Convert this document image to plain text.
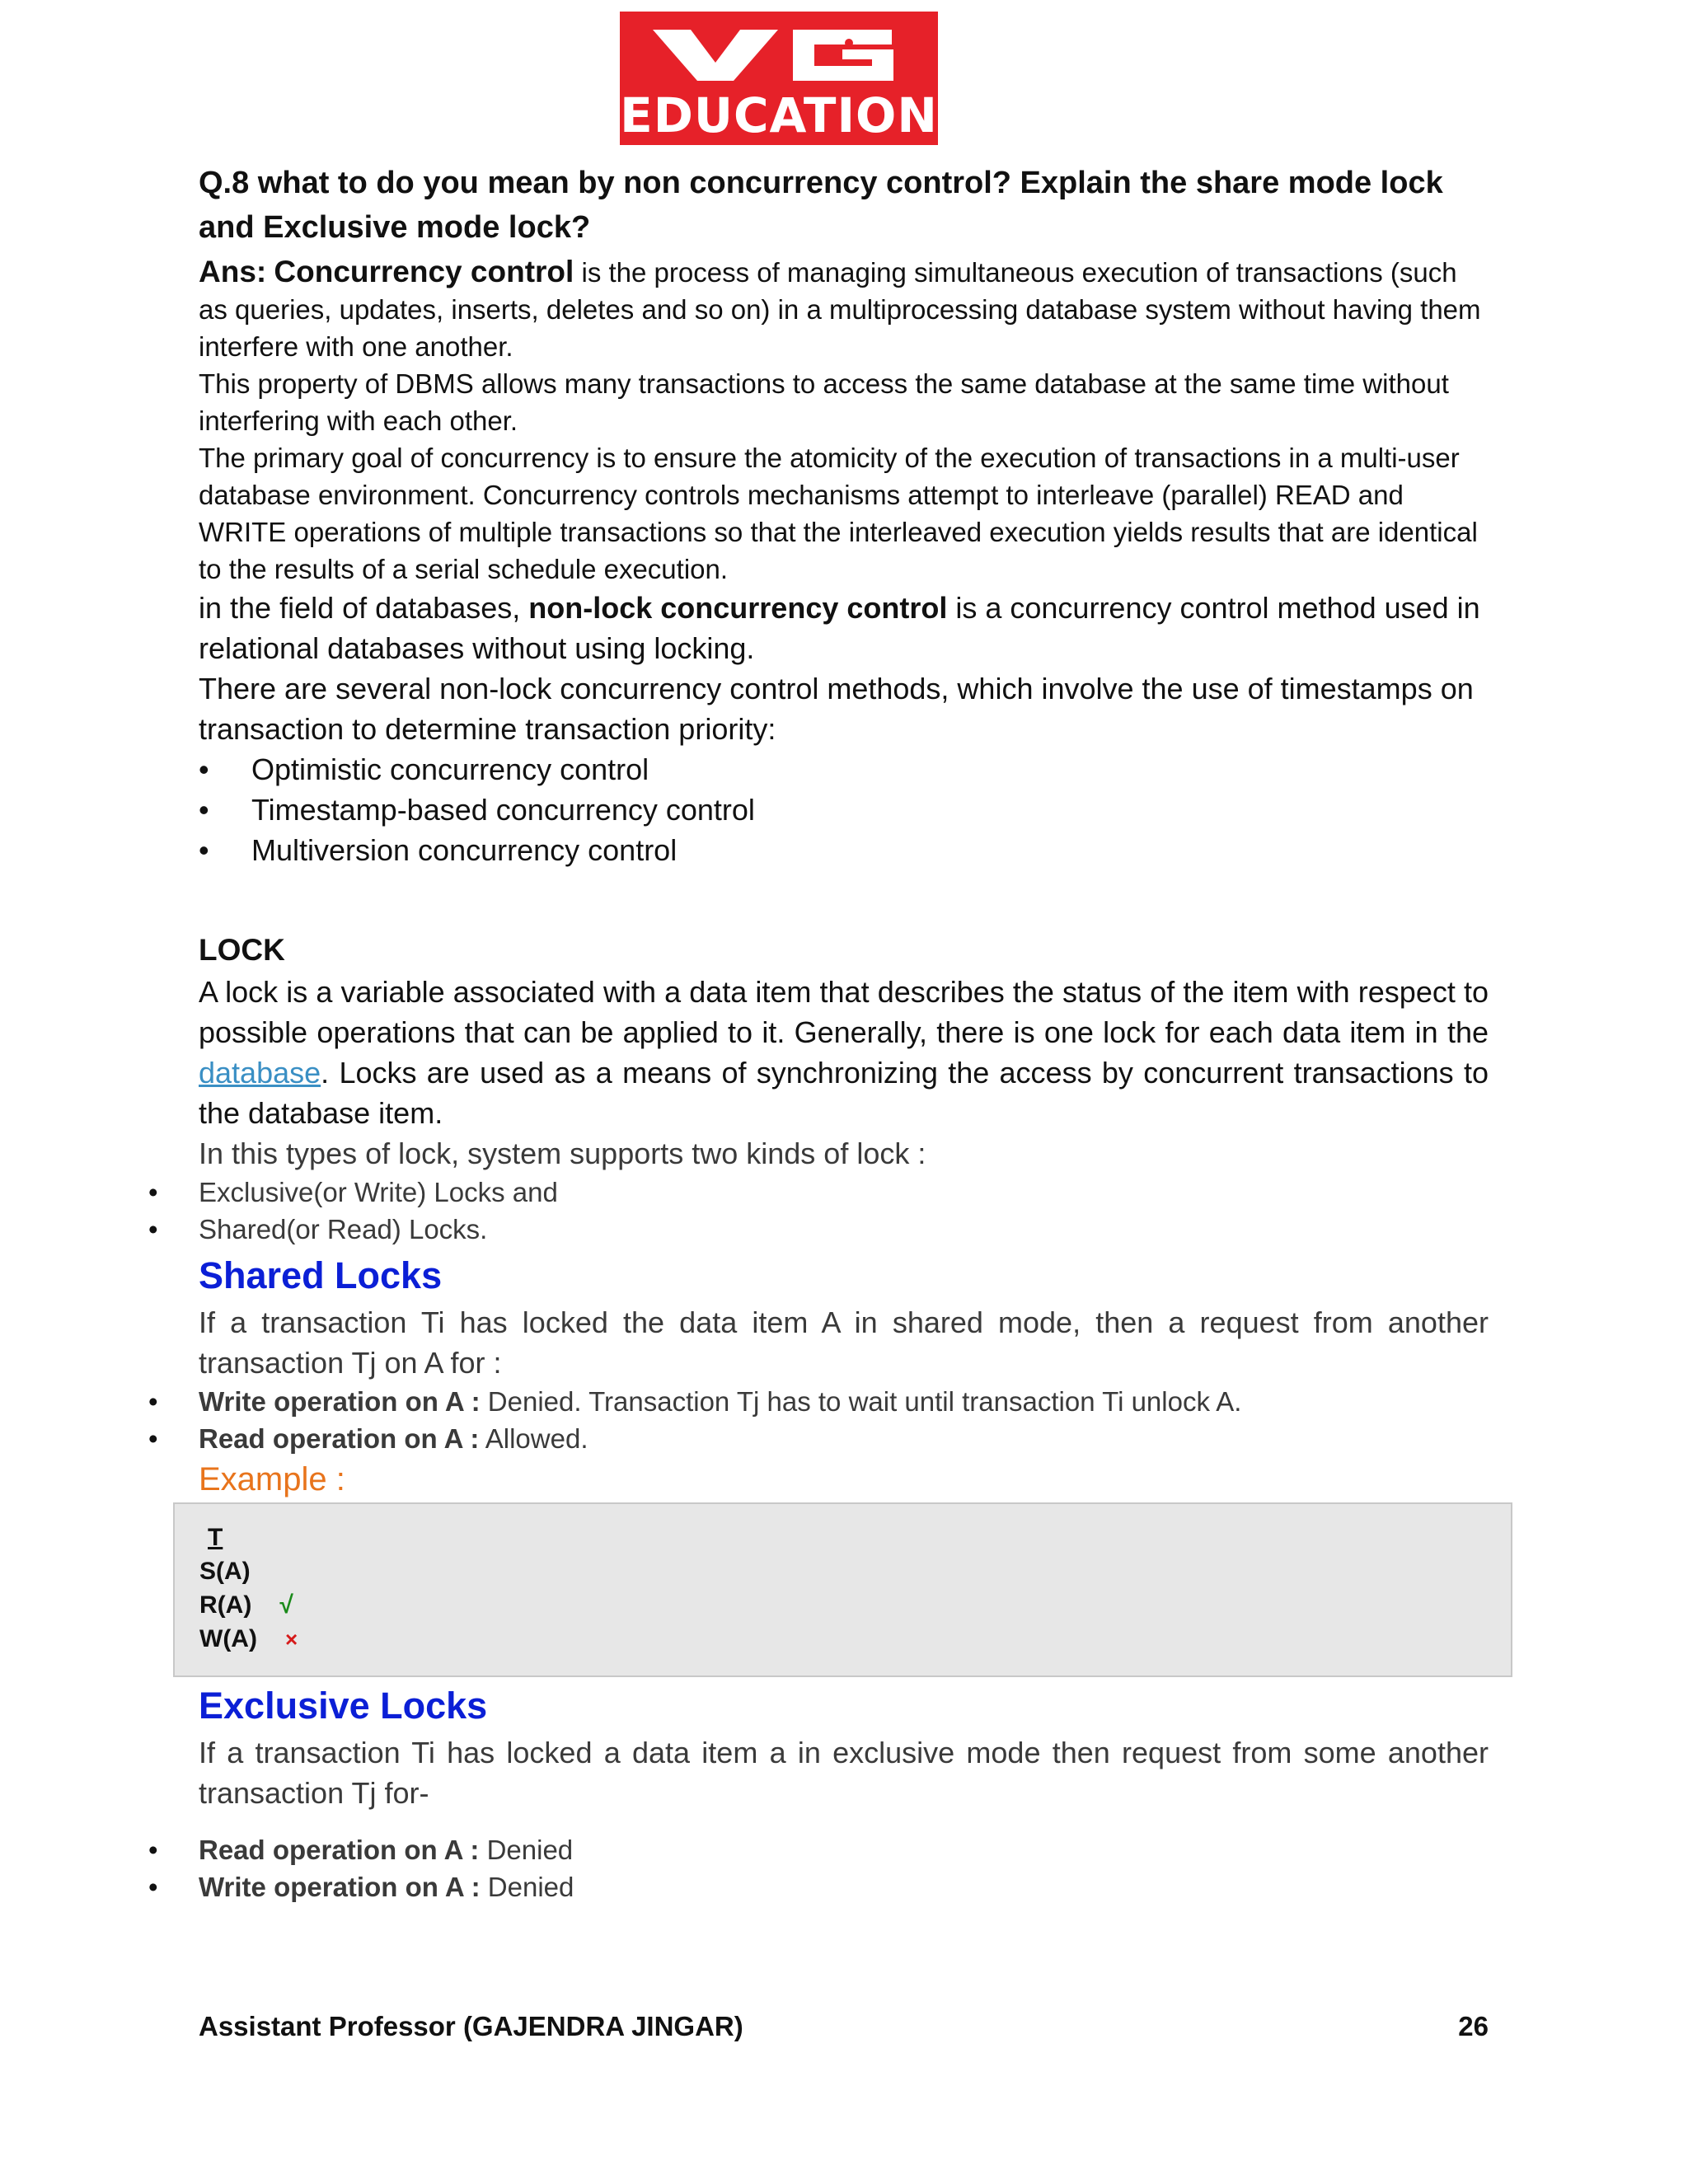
EDUCATION
Q.8 what to do you mean by non concurrency control? Explain the share mode lock and Exclusive mode lock?

Ans: Concurrency control is the process of managing simultaneous execution of transactions (such as queries, updates, inserts, deletes and so on) in a multiprocessing database system without having them interfere with one another.

This property of DBMS allows many transactions to access the same database at the same time without interfering with each other.

The primary goal of concurrency is to ensure the atomicity of the execution of transactions in a multi-user database environment. Concurrency controls mechanisms attempt to interleave (parallel) READ and WRITE operations of multiple transactions so that the interleaved execution yields results that are identical to the results of a serial schedule execution.

in the field of databases, non-lock concurrency control is a concurrency control method used in relational databases without using locking.

There are several non-lock concurrency control methods, which involve the use of timestamps on transaction to determine transaction priority:

• Optimistic concurrency control
• Timestamp-based concurrency control
• Multiversion concurrency control
LOCK

A lock is a variable associated with a data item that describes the status of the item with respect to possible operations that can be applied to it. Generally, there is one lock for each data item in the database. Locks are used as a means of synchronizing the access by concurrent transactions to the database item.

In this types of lock, system supports two kinds of lock :

• Exclusive(or Write) Locks and
• Shared(or Read) Locks.
Shared Locks

If a transaction Ti has locked the data item A in shared mode, then a request from another transaction Tj on A for :

• Write operation on A : Denied. Transaction Tj has to wait until transaction Ti unlock A.
• Read operation on A : Allowed.

Example :

T
S(A)
R(A) √
W(A) ×
Exclusive Locks

If a transaction Ti has locked a data item a in exclusive mode then request from some another transaction Tj for-

• Read operation on A : Denied
• Write operation on A : Denied
Assistant Professor (GAJENDRA JINGAR)	26
